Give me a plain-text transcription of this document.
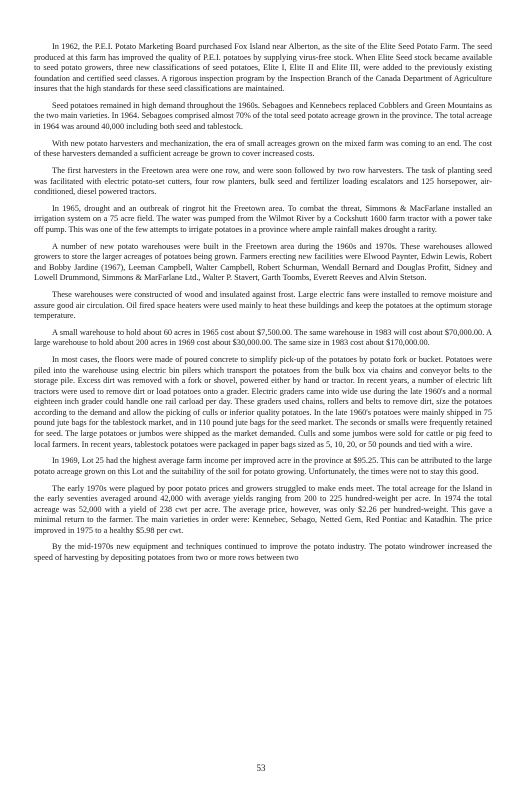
In 1962, the P.E.I. Potato Marketing Board purchased Fox Island near Alberton, as the site of the Elite Seed Potato Farm. The seed produced at this farm has improved the quality of P.E.I. potatoes by supplying virus-free stock. When Elite Seed stock became available to seed potato growers, three new classifications of seed potatoes, Elite I, Elite II and Elite III, were added to the previously existing foundation and certified seed classes. A rigorous inspection program by the Inspection Branch of the Canada Department of Agriculture insures that the high standards for these seed classifications are maintained.

Seed potatoes remained in high demand throughout the 1960s. Sebagoes and Kennebecs replaced Cobblers and Green Mountains as the two main varieties. In 1964. Sebagoes comprised almost 70% of the total seed potato acreage grown in the province. The total acreage in 1964 was around 40,000 including both seed and tablestock.

With new potato harvesters and mechanization, the era of small acreages grown on the mixed farm was coming to an end. The cost of these harvesters demanded a sufficient acreage be grown to cover increased costs.

The first harvesters in the Freetown area were one row, and were soon followed by two row harvesters. The task of planting seed was facilitated with electric potato-set cutters, four row planters, bulk seed and fertilizer loading escalators and 125 horsepower, air-conditioned, diesel powered tractors.

In 1965, drought and an outbreak of ringrot hit the Freetown area. To combat the threat, Simmons & MacFarlane installed an irrigation system on a 75 acre field. The water was pumped from the Wilmot River by a Cockshutt 1600 farm tractor with a power take off pump. This was one of the few attempts to irrigate potatoes in a province where ample rainfall makes drought a rarity.

A number of new potato warehouses were built in the Freetown area during the 1960s and 1970s. These warehouses allowed growers to store the larger acreages of potatoes being grown. Farmers erecting new facilities were Elwood Paynter, Edwin Lewis, Robert and Bobby Jardine (1967), Leeman Campbell, Walter Campbell, Robert Schurman, Wendall Bernard and Douglas Profitt, Sidney and Lowell Drummond, Simmons & MarFarlane Ltd., Walter P. Stavert, Garth Toombs, Everett Reeves and Alvin Stetson.

These warehouses were constructed of wood and insulated against frost. Large electric fans were installed to remove moisture and assure good air circulation. Oil fired space heaters were used mainly to heat these buildings and keep the potatoes at the optimum storage temperature.

A small warehouse to hold about 60 acres in 1965 cost about $7,500.00. The same warehouse in 1983 will cost about $70,000.00. A large warehouse to hold about 200 acres in 1969 cost about $30,000.00. The same size in 1983 cost about $170,000.00.

In most cases, the floors were made of poured concrete to simplify pick-up of the potatoes by potato fork or bucket. Potatoes were piled into the warehouse using electric bin pilers which transport the potatoes from the bulk box via chains and conveyor belts to the storage pile. Excess dirt was removed with a fork or shovel, powered either by hand or tractor. In recent years, a number of electric lift tractors were used to remove dirt or load potatoes onto a grader. Electric graders came into wide use during the late 1960's and a normal eighteen inch grader could handle one rail carload per day. These graders used chains, rollers and belts to remove dirt, size the potatoes according to the demand and allow the picking of culls or inferior quality potatoes. In the late 1960's potatoes were mainly shipped in 75 pound jute bags for the tablestock market, and in 110 pound jute bags for the seed market. The seconds or smalls were frequently retained for seed. The large potatoes or jumbos were shipped as the market demanded. Culls and some jumbos were sold for cattle or pig feed to local farmers. In recent years, tablestock potatoes were packaged in paper bags sized as 5, 10, 20, or 50 pounds and tied with a wire.

In 1969, Lot 25 had the highest average farm income per improved acre in the province at $95.25. This can be attributed to the large potato acreage grown on this Lot and the suitability of the soil for potato growing. Unfortunately, the times were not to stay this good.

The early 1970s were plagued by poor potato prices and growers struggled to make ends meet. The total acreage for the Island in the early seventies averaged around 42,000 with average yields ranging from 200 to 225 hundred-weight per acre. In 1974 the total acreage was 52,000 with a yield of 238 cwt per acre. The average price, however, was only $2.26 per hundred-weight. This gave a minimal return to the farmer. The main varieties in order were: Kennebec, Sebago, Netted Gem, Red Pontiac and Katadhin. The price improved in 1975 to a healthy $5.98 per cwt.

By the mid-1970s new equipment and techniques continued to improve the potato industry. The potato windrower increased the speed of harvesting by depositing potatoes from two or more rows between two

53
